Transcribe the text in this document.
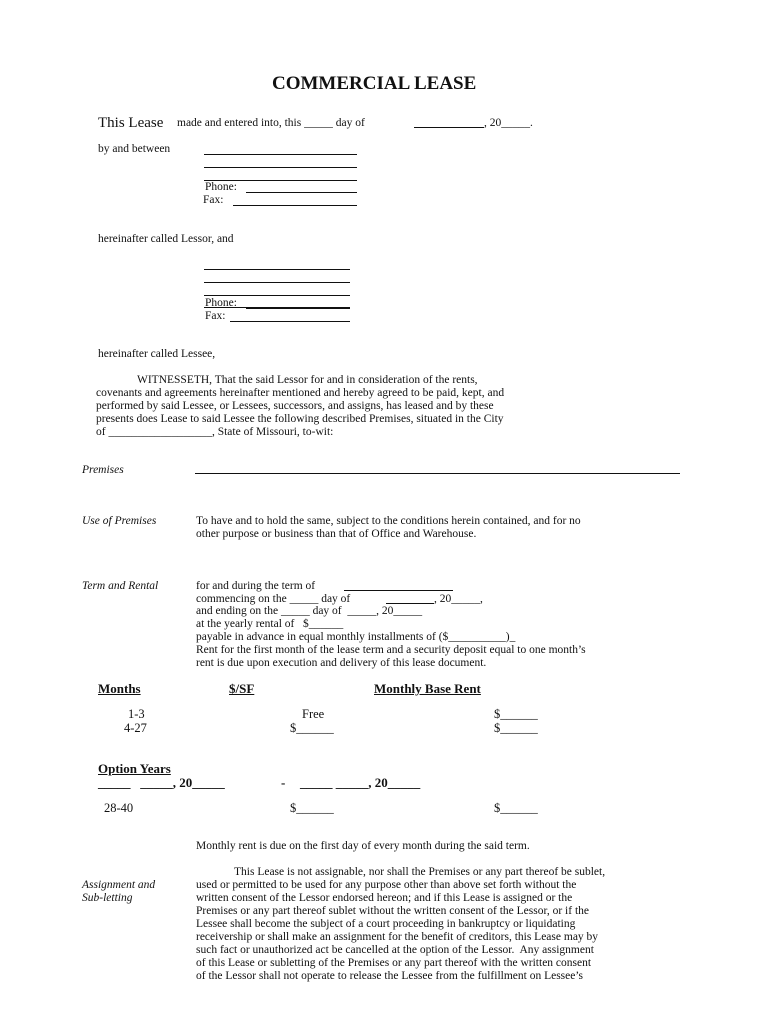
COMMERCIAL LEASE
This Lease made and entered into, this _____ day of	, 20_____.
by and between
Phone:
Fax:
hereinafter called Lessor, and
Phone:
Fax:
hereinafter called Lessee,
WITNESSETH, That the said Lessor for and in consideration of the rents,
covenants and agreements hereinafter mentioned and hereby agreed to be paid, kept, and
performed by said Lessee, or Lessees, successors, and assigns, has leased and by these
presents does Lease to said Lessee the following described Premises, situated in the City
of __________________, State of Missouri, to-wit:
Premises
Use of Premises	To have and to hold the same, subject to the conditions herein contained, and for no
other purpose or business than that of Office and Warehouse.
Term and Rental	for and during the term of
commencing on the _____ day of	, 20_____,
and ending on the _____ day of  _____, 20_____
at the yearly rental of   $______
payable in advance in equal monthly installments of ($__________)_
Rent for the first month of the lease term and a security deposit equal to one month’s
rent is due upon execution and delivery of this lease document.
Months	$/SF	Monthly Base Rent
1-3	Free	$______
4-27	$______	$______
Option Years
_____   _____, 20_____	- _____ _____, 20_____
28-40	$______	$______
Monthly rent is due on the first day of every month during the said term.
Assignment and
Sub-letting
This Lease is not assignable, nor shall the Premises or any part thereof be sublet,
used or permitted to be used for any purpose other than above set forth without the
written consent of the Lessor endorsed hereon; and if this Lease is assigned or the
Premises or any part thereof sublet without the written consent of the Lessor, or if the
Lessee shall become the subject of a court proceeding in bankruptcy or liquidating
receivership or shall make an assignment for the benefit of creditors, this Lease may by
such fact or unauthorized act be cancelled at the option of the Lessor.  Any assignment
of this Lease or subletting of the Premises or any part thereof with the written consent
of the Lessor shall not operate to release the Lessee from the fulfillment on Lessee’s
